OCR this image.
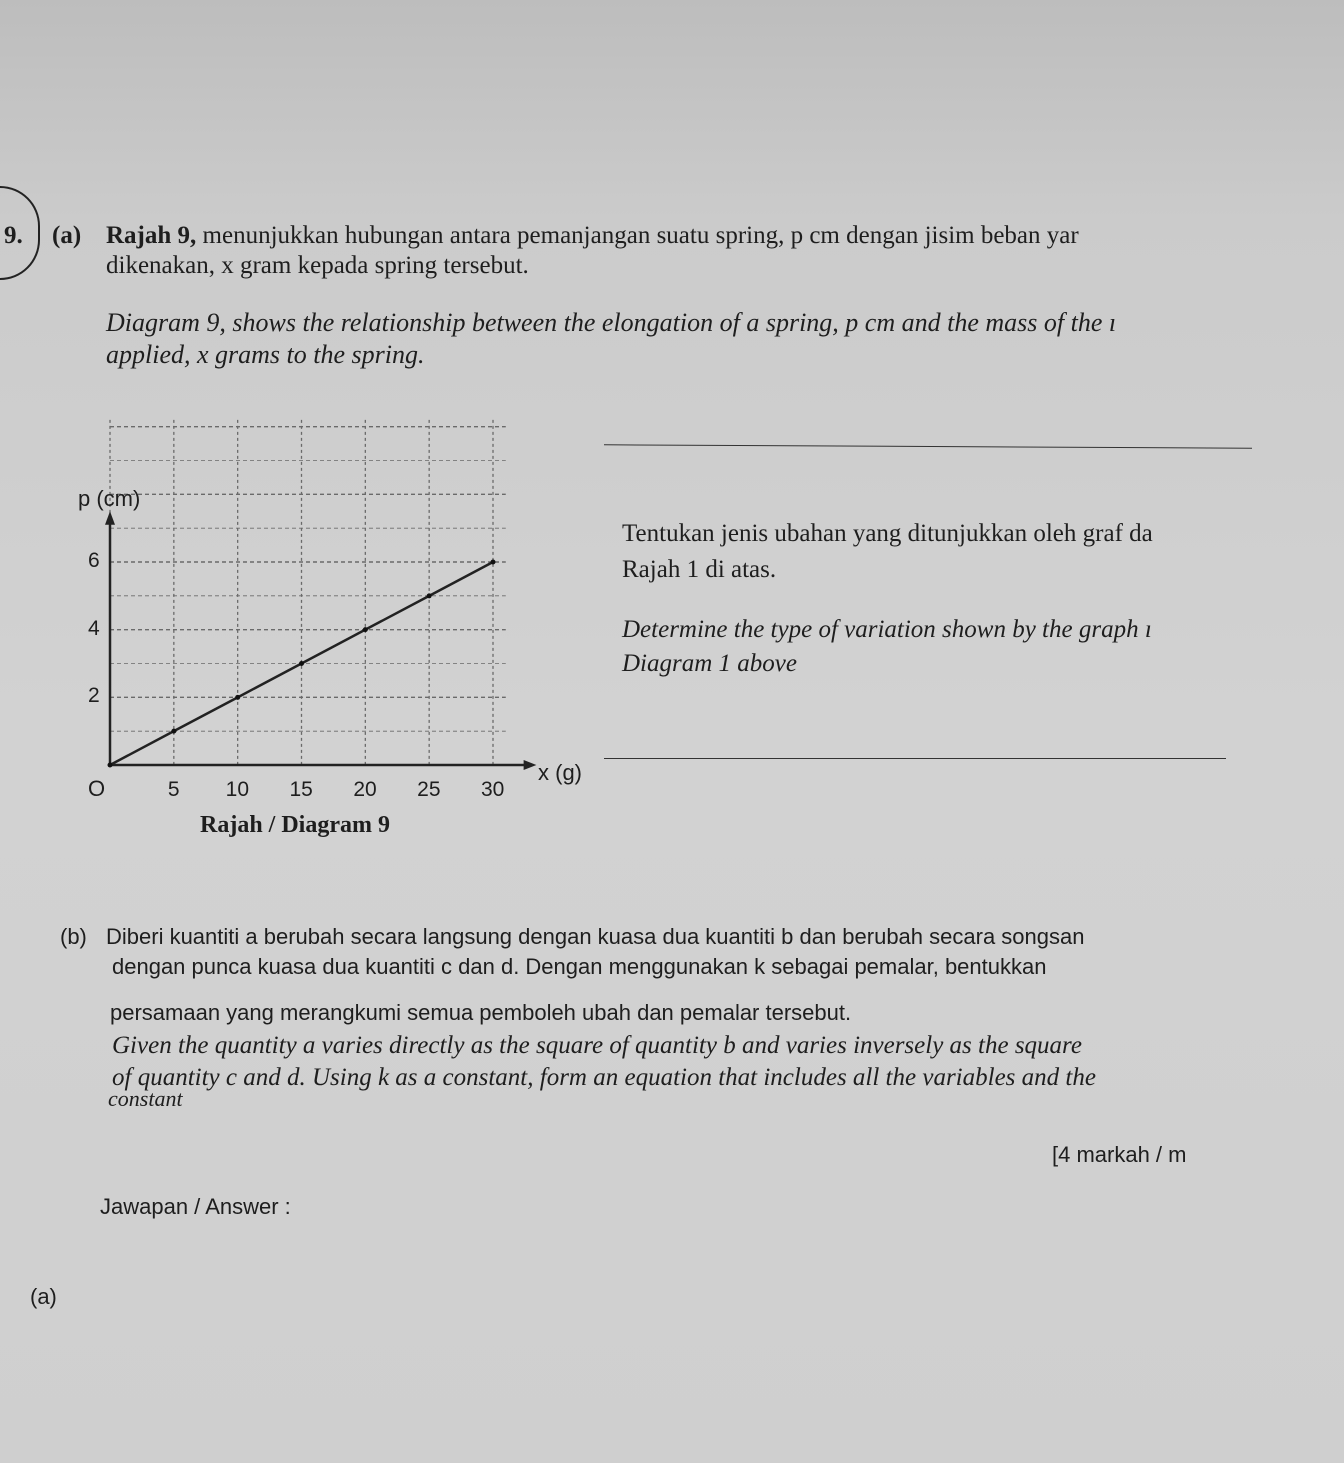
9. (a) Rajah 9, menunjukkan hubungan antara pemanjangan suatu spring, p cm dengan jisim beban yar
dikenakan, x gram kepada spring tersebut.
Diagram 9, shows the relationship between the elongation of a spring, p cm and the mass of the ı
applied, x grams to the spring.
p (cm)
x (g)
O	5 10 15 20 25 30
2
4
6
Rajah / Diagram 9
Tentukan jenis ubahan yang ditunjukkan oleh graf da
Rajah 1 di atas.
Determine the type of variation shown by the graph ı
Diagram 1 above
(b) Diberi kuantiti a berubah secara langsung dengan kuasa dua kuantiti b dan berubah secara songsan
dengan punca kuasa dua kuantiti c dan d. Dengan menggunakan k sebagai pemalar, bentukkan
persamaan yang merangkumi semua pemboleh ubah dan pemalar tersebut.
Given the quantity a varies directly as the square of quantity b and varies inversely as the square
of quantity c and d. Using k as a constant, form an equation that includes all the variables and the
constant
[4 markah / m
Jawapan / Answer :
(a)
